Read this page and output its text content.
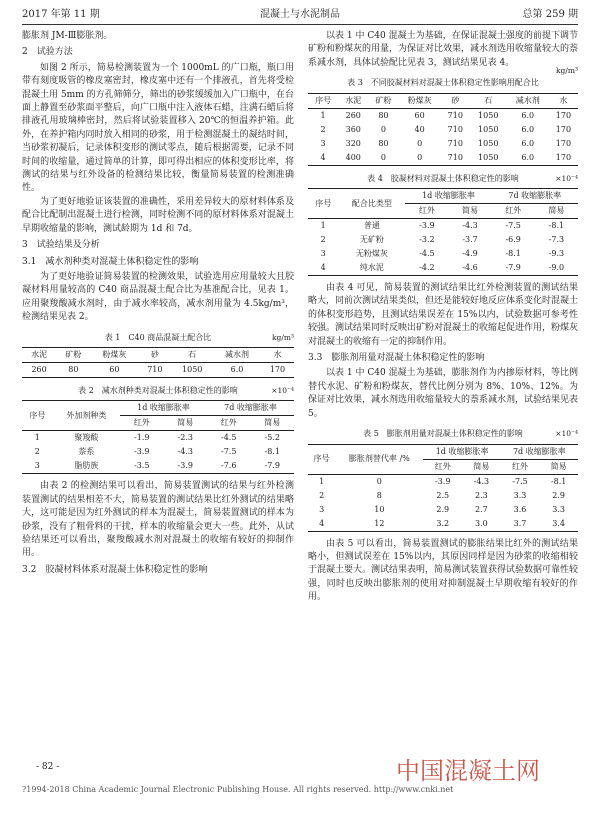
2017 年第 11 期	混凝土与水泥制品	总第 259 期

膨胀剂 JM-Ⅲ膨胀剂。

2　试验方法

如图 2 所示，简易检测装置为一个 1000mL 的广口瓶，瓶口用带有刻度吸管的橡皮塞密封，橡皮塞中还有一个排液孔，首先将受检混凝土用 5mm 的方孔筛筛分，筛出的砂浆缓缓加入广口瓶中，在台面上静置至砂浆面平整后，向广口瓶中注入液体石蜡，注满石蜡后将排液孔用玻璃棒密封，然后将试验装置移入 20℃的恒温养护箱。此外，在养护箱内同时放入相同的砂浆，用于检测混凝土的凝结时间，当砂浆初凝后，记录体积变形的测试零点，随后根据需要，记录不同时间的收缩量，通过简单的计算，即可得出相应的体积变形比率，将测试的结果与红外设备的检测结果比较，衡量简易装置的检测准确性。

为了更好地验证该装置的准确性，采用差异较大的原材料体系及配合比配制出混凝土进行检测，同时检测不同的原材料体系对混凝土早期收缩量的影响，测试龄期为 1d 和 7d。

3　试验结果及分析

3.1　减水剂种类对混凝土体积稳定性的影响

为了更好地验证简易装置的检测效果，试验选用应用量较大且胶凝材料用量较高的 C40 商品混凝土配合比为基准配合比，见表 1。应用聚羧酸减水剂时，由于减水率较高，减水剂用量为 4.5kg/m³，检测结果见表 2。

表 1　C40 商品混凝土配合比	kg/m³
水泥	矿粉	粉煤灰	砂	石	减水剂	水
260	80	60	710	1050	6.0	170
表 2　减水剂种类对混凝土体积稳定性的影响	×10⁻⁴
序号	外加剂种类	1d 收缩膨胀率		7d 收缩膨胀率	
		红外	简易	红外	简易
1	聚羧酸	-1.9	-2.3	-4.5	-5.2
2	萘系	-3.9	-4.3	-7.5	-8.1
3	脂肪族	-3.5	-3.9	-7.6	-7.9

由表 2 的检测结果可以看出，简易装置测试的结果与红外检测装置测试的结果相差不大，简易装置的测试结果比红外测试的结果略大，这可能是因为红外测试的样本为混凝土，简易装置测试的样本为砂浆，没有了粗骨料的干扰，样本的收缩量会更大一些。此外，从试验结果还可以看出，聚羧酸减水剂对混凝土的收缩有较好的抑制作用。

3.2　胶凝材料体系对混凝土体积稳定性的影响

以表 1 中 C40 混凝土为基础，在保证混凝土强度的前提下调节矿粉和粉煤灰的用量，为保证对比效果，减水剂选用收缩量较大的萘系减水剂，具体试验配比见表 3，测试结果见表 4。

表 3　不同胶凝材料对混凝土体积稳定性影响用配合比
kg/m³
序号	水泥	矿粉	粉煤灰	砂	石	减水剂	水
1	260	80	60	710	1050	6.0	170
2	360	0	40	710	1050	6.0	170
3	320	80	0	710	1050	6.0	170
4	400	0	0	710	1050	6.0	170
表 4　胶凝材料对混凝土体积稳定性的影响	×10⁻⁴
序号	配合比类型	1d 收缩膨胀率		7d 收缩膨胀率	
		红外	简易	红外	简易
1	普通	-3.9	-4.3	-7.5	-8.1
2	无矿粉	-3.2	-3.7	-6.9	-7.3
3	无粉煤灰	-4.5	-4.9	-8.1	-9.3
4	纯水泥	-4.2	-4.6	-7.9	-9.0

由表 4 可见，简易装置的测试结果比红外检测装置的测试结果略大，同前次测试结果类似，但还是能较好地反应体系变化时混凝土的体积变形趋势，且测试结果误差在 15%以内，试验数据可参考性较强。测试结果同时反映出矿粉对混凝土的收缩起促进作用，粉煤灰对混凝土的收缩有一定的抑制作用。

3.3　膨胀剂用量对混凝土体积稳定性的影响

以表 1 中 C40 混凝土为基础，膨胀剂作为内掺原材料，等比例替代水泥、矿粉和粉煤灰，替代比例分别为 8%、10%、12%。为保证对比效果，减水剂选用收缩量较大的萘系减水剂，试验结果见表 5。

表 5　膨胀剂用量对混凝土体积稳定性的影响	×10⁻⁴
序号	膨胀剂替代率 /%	1d 收缩膨胀率		7d 收缩膨胀率	
		红外	简易	红外	简易
1	0	-3.9	-4.3	-7.5	-8.1
2	8	2.5	2.3	3.3	2.9
3	10	2.9	2.7	3.6	3.3
4	12	3.2	3.0	3.7	3.4

由表 5 可以看出，简易装置测试的膨胀结果比红外的测试结果略小，但测试误差在 15%以内，其原因同样是因为砂浆的收缩相较于混凝土要大。测试结果表明，简易测试装置获得试验数据可靠性较强，同时也反映出膨胀剂的使用对抑制混凝土早期收缩有较好的作用。

- 82 -	中国混凝土网
?1994-2018 China Academic Journal Electronic Publishing House. All rights reserved. http://www.cnki.net
